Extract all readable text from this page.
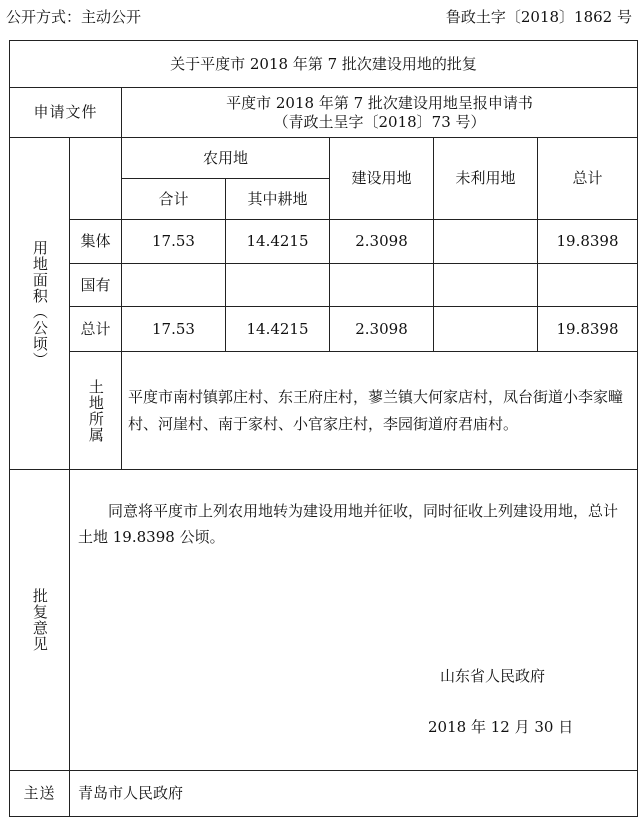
公开方式：主动公开	鲁政土字〔2018〕1862 号
关于平度市 2018 年第 7 批次建设用地的批复						
申请文件		平度市 2018 年第 7 批次建设用地呈报申请书
（青政土呈字〔2018〕73 号）				

用地面积（公顷）		农用地		建设用地	未利用地	总计
		合计	其中耕地			
	集体	17.53	14.4215	2.3098		19.8398
	国有					
	总计	17.53	14.4215	2.3098		19.8398

	土地所属	平度市南村镇郭庄村、东王府庄村，蓼兰镇大何家店村，凤台街道小李家疃村、河崖村、南于家村、小官家庄村，李园街道府君庙村。				

批复意见	同意将平度市上列农用地转为建设用地并征收，同时征收上列建设用地，总计土地 19.8398 公顷。
山东省人民政府
2018 年 12 月 30 日					

主送	青岛市人民政府					
